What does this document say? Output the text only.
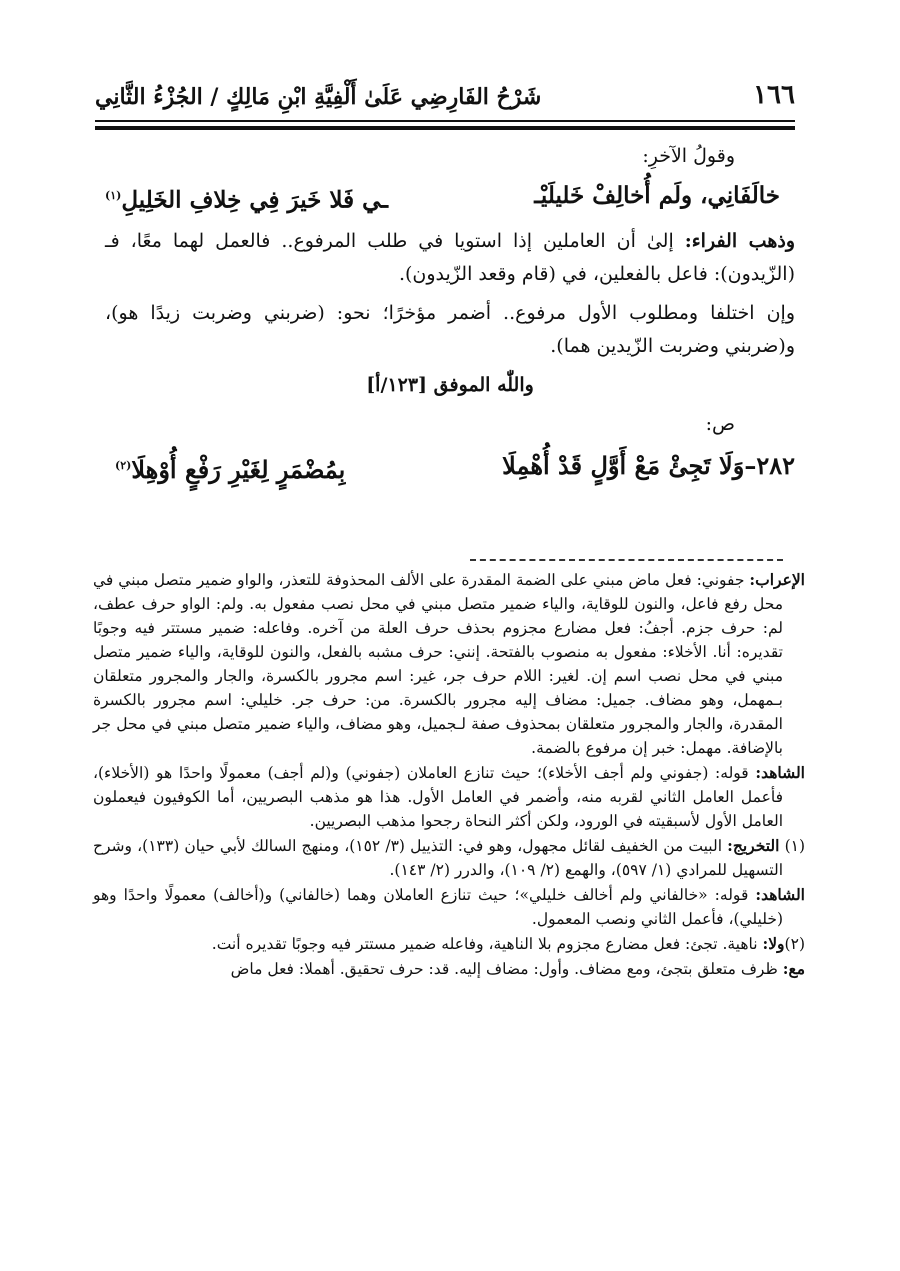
١٦٦
شَرْحُ الفَارِضِي عَلَىٰ أَلْفِيَّةِ ابْنِ مَالِكٍ / الجُزْءُ الثَّانِي

وقولُ الآخرِ:

خالَفَانِي، ولَم أُخالِفْ خَليلَيْـ
ـي فَلا خَيرَ فِي خِلافِ الخَلِيلِ$^{(١)}$

وذهب الفراء: إلىٰ أن العاملين إذا استويا في طلب المرفوع.. فالعمل لهما معًا، فـ (الزّيدون): فاعل بالفعلين، في (قام وقعد الزّيدون).

وإن اختلفا ومطلوب الأول مرفوع.. أضمر مؤخرًا؛ نحو: (ضربني وضربت زيدًا هو)، و(ضربني وضربت الزّيدين هما).

واللّٰه الموفق [١٢٣/أ]

ص:

٢٨٢–وَلَا تَجِئْ مَعْ أَوَّلٍ قَدْ أُهْمِلَا
بِمُضْمَرٍ لِغَيْرِ رَفْعٍ أُوْهِلَا$^{(٢)}$

الإعراب: جفوني: فعل ماض مبني على الضمة المقدرة على الألف المحذوفة للتعذر، والواو ضمير متصل مبني في محل رفع فاعل، والنون للوقاية، والياء ضمير متصل مبني في محل نصب مفعول به. ولم: الواو حرف عطف، لم: حرف جزم. أجفُ: فعل مضارع مجزوم بحذف حرف العلة من آخره. وفاعله: ضمير مستتر فيه وجوبًا تقديره: أنا. الأخلاء: مفعول به منصوب بالفتحة. إنني: حرف مشبه بالفعل، والنون للوقاية، والياء ضمير متصل مبني في محل نصب اسم إن. لغير: اللام حرف جر، غير: اسم مجرور بالكسرة، والجار والمجرور متعلقان بـمهمل، وهو مضاف. جميل: مضاف إليه مجرور بالكسرة. من: حرف جر. خليلي: اسم مجرور بالكسرة المقدرة، والجار والمجرور متعلقان بمحذوف صفة لـجميل، وهو مضاف، والياء ضمير متصل مبني في محل جر بالإضافة. مهمل: خبر إن مرفوع بالضمة.

الشاهد: قوله: (جفوني ولم أجف الأخلاء)؛ حيث تنازع العاملان (جفوني) و(لم أجف) معمولًا واحدًا هو (الأخلاء)، فأعمل العامل الثاني لقربه منه، وأضمر في العامل الأول. هذا هو مذهب البصريين، أما الكوفيون فيعملون العامل الأول لأسبقيته في الورود، ولكن أكثر النحاة رجحوا مذهب البصريين.

(١) التخريج: البيت من الخفيف لقائل مجهول، وهو في: التذييل (٣/ ١٥٢)، ومنهج السالك لأبي حيان (١٣٣)، وشرح التسهيل للمرادي (١/ ٥٩٧)، والهمع (٢/ ١٠٩)، والدرر (٢/ ١٤٣).

الشاهد: قوله: «خالفاني ولم أخالف خليلي»؛ حيث تنازع العاملان وهما (خالفاني) و(أخالف) معمولًا واحدًا وهو (خليلي)، فأعمل الثاني ونصب المعمول.

(٢)ولا: ناهية. تجئ: فعل مضارع مجزوم بلا الناهية، وفاعله ضمير مستتر فيه وجوبًا تقديره أنت.

مع: ظرف متعلق بتجئ، ومع مضاف. وأول: مضاف إليه. قد: حرف تحقيق. أهملا: فعل ماض
